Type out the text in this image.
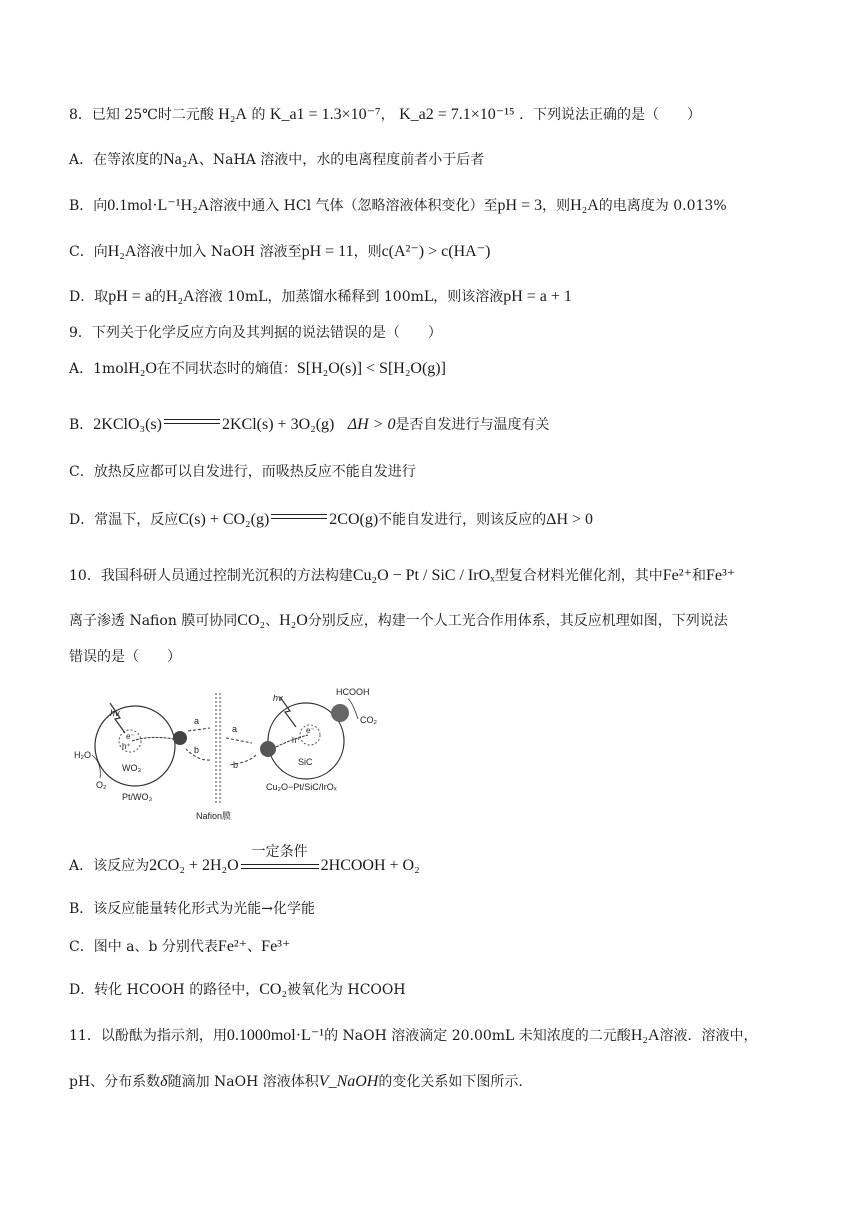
8．已知 25℃时二元酸 H₂A 的 K_a1 = 1.3×10⁻⁷， K_a2 = 7.1×10⁻¹⁵ ．下列说法正确的是（　　）
A．在等浓度的Na₂A、NaHA 溶液中，水的电离程度前者小于后者
B．向0.1mol·L⁻¹H₂A溶液中通入 HCl 气体（忽略溶液体积变化）至pH = 3，则H₂A的电离度为 0.013%
C．向H₂A溶液中加入 NaOH 溶液至pH = 11，则c(A²⁻) > c(HA⁻)
D．取pH = a的H₂A溶液 10mL，加蒸馏水稀释到 100mL，则该溶液pH = a + 1
9．下列关于化学反应方向及其判据的说法错误的是（　　）
A．1molH₂O在不同状态时的熵值：S[H₂O(s)] < S[H₂O(g)]
B．2KClO₃(s)	2KCl(s) + 3O₂(g) ΔH > 0是否自发进行与温度有关
C．放热反应都可以自发进行，而吸热反应不能自发进行
D．常温下，反应C(s) + CO₂(g)	2CO(g)不能自发进行，则该反应的ΔH > 0
10．我国科研人员通过控制光沉积的方法构建Cu₂O − Pt / SiC / IrOₓ型复合材料光催化剂，其中Fe²⁺和Fe³⁺
离子渗透 Nafion 膜可协同CO₂、H₂O分别反应，构建一个人工光合作用体系，其反应机理如图，下列说法
错误的是（　　）
hv
e⁻
h⁺
WO₃
H₂O
O₂
Pt/WO₃
a
b
Nafion膜
a
b
hv
e⁻
h⁺
SiC
HCOOH
CO₂
Cu₂O−Pt/SiC/IrOₓ
A．该反应为2CO₂ + 2H₂O
一定条件
2HCOOH + O₂
B．该反应能量转化形式为光能→化学能
C．图中 a、b 分别代表Fe²⁺、Fe³⁺
D．转化 HCOOH 的路径中，CO₂被氧化为 HCOOH
11．以酚酞为指示剂，用0.1000mol·L⁻¹的 NaOH 溶液滴定 20.00mL 未知浓度的二元酸H₂A溶液．溶液中，
pH、分布系数δ随滴加 NaOH 溶液体积V_NaOH的变化关系如下图所示.
